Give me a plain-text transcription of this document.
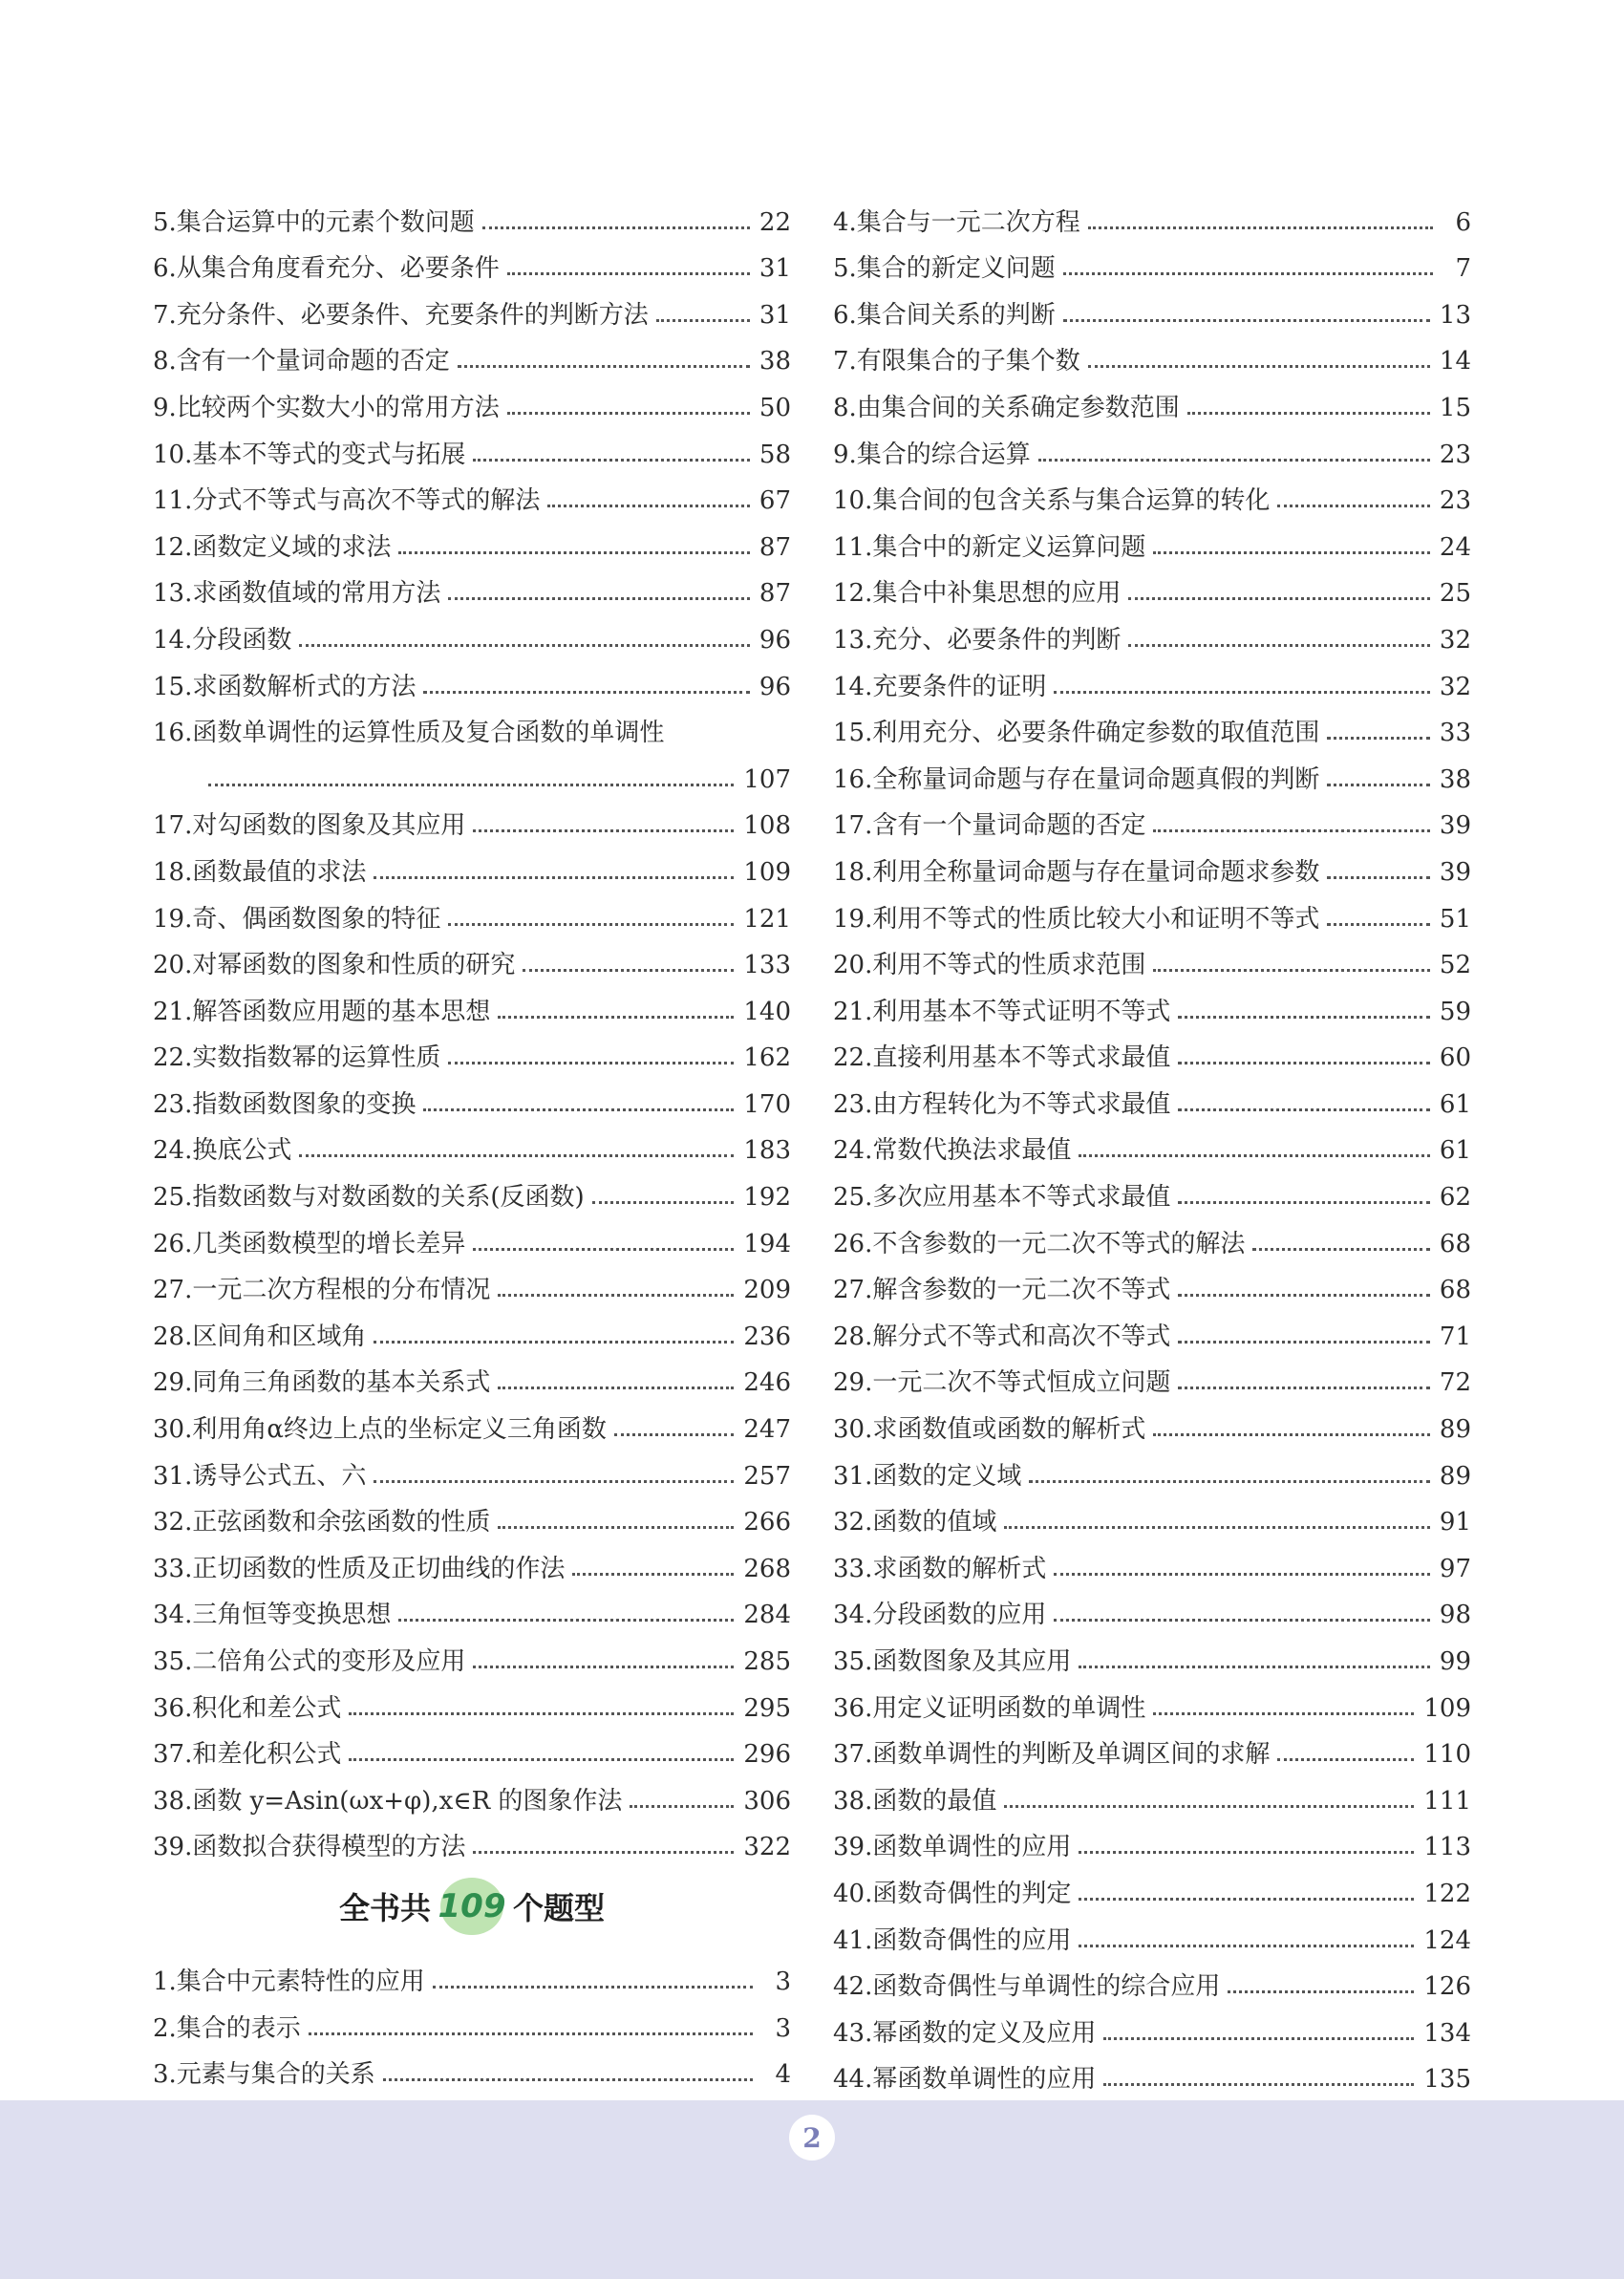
5.集合运算中的元素个数问题	22
6.从集合角度看充分、必要条件	31
7.充分条件、必要条件、充要条件的判断方法	31
8.含有一个量词命题的否定	38
9.比较两个实数大小的常用方法	50
10.基本不等式的变式与拓展	58
11.分式不等式与高次不等式的解法	67
12.函数定义域的求法	87
13.求函数值域的常用方法	87
14.分段函数	96
15.求函数解析式的方法	96
16.函数单调性的运算性质及复合函数的单调性
107
17.对勾函数的图象及其应用	108
18.函数最值的求法	109
19.奇、偶函数图象的特征	121
20.对幂函数的图象和性质的研究	133
21.解答函数应用题的基本思想	140
22.实数指数幂的运算性质	162
23.指数函数图象的变换	170
24.换底公式	183
25.指数函数与对数函数的关系(反函数)	192
26.几类函数模型的增长差异	194
27.一元二次方程根的分布情况	209
28.区间角和区域角	236
29.同角三角函数的基本关系式	246
30.利用角α终边上点的坐标定义三角函数	247
31.诱导公式五、六	257
32.正弦函数和余弦函数的性质	266
33.正切函数的性质及正切曲线的作法	268
34.三角恒等变换思想	284
35.二倍角公式的变形及应用	285
36.积化和差公式	295
37.和差化积公式	296
38.函数 y=Asin(ωx+φ),x∈R 的图象作法	306
39.函数拟合获得模型的方法	322
全书共 109 个题型
1.集合中元素特性的应用	3
2.集合的表示	3
3.元素与集合的关系	4
4.集合与一元二次方程	6
5.集合的新定义问题	7
6.集合间关系的判断	13
7.有限集合的子集个数	14
8.由集合间的关系确定参数范围	15
9.集合的综合运算	23
10.集合间的包含关系与集合运算的转化	23
11.集合中的新定义运算问题	24
12.集合中补集思想的应用	25
13.充分、必要条件的判断	32
14.充要条件的证明	32
15.利用充分、必要条件确定参数的取值范围	33
16.全称量词命题与存在量词命题真假的判断	38
17.含有一个量词命题的否定	39
18.利用全称量词命题与存在量词命题求参数	39
19.利用不等式的性质比较大小和证明不等式	51
20.利用不等式的性质求范围	52
21.利用基本不等式证明不等式	59
22.直接利用基本不等式求最值	60
23.由方程转化为不等式求最值	61
24.常数代换法求最值	61
25.多次应用基本不等式求最值	62
26.不含参数的一元二次不等式的解法	68
27.解含参数的一元二次不等式	68
28.解分式不等式和高次不等式	71
29.一元二次不等式恒成立问题	72
30.求函数值或函数的解析式	89
31.函数的定义域	89
32.函数的值域	91
33.求函数的解析式	97
34.分段函数的应用	98
35.函数图象及其应用	99
36.用定义证明函数的单调性	109
37.函数单调性的判断及单调区间的求解	110
38.函数的最值	111
39.函数单调性的应用	113
40.函数奇偶性的判定	122
41.函数奇偶性的应用	124
42.函数奇偶性与单调性的综合应用	126
43.幂函数的定义及应用	134
44.幂函数单调性的应用	135
2
